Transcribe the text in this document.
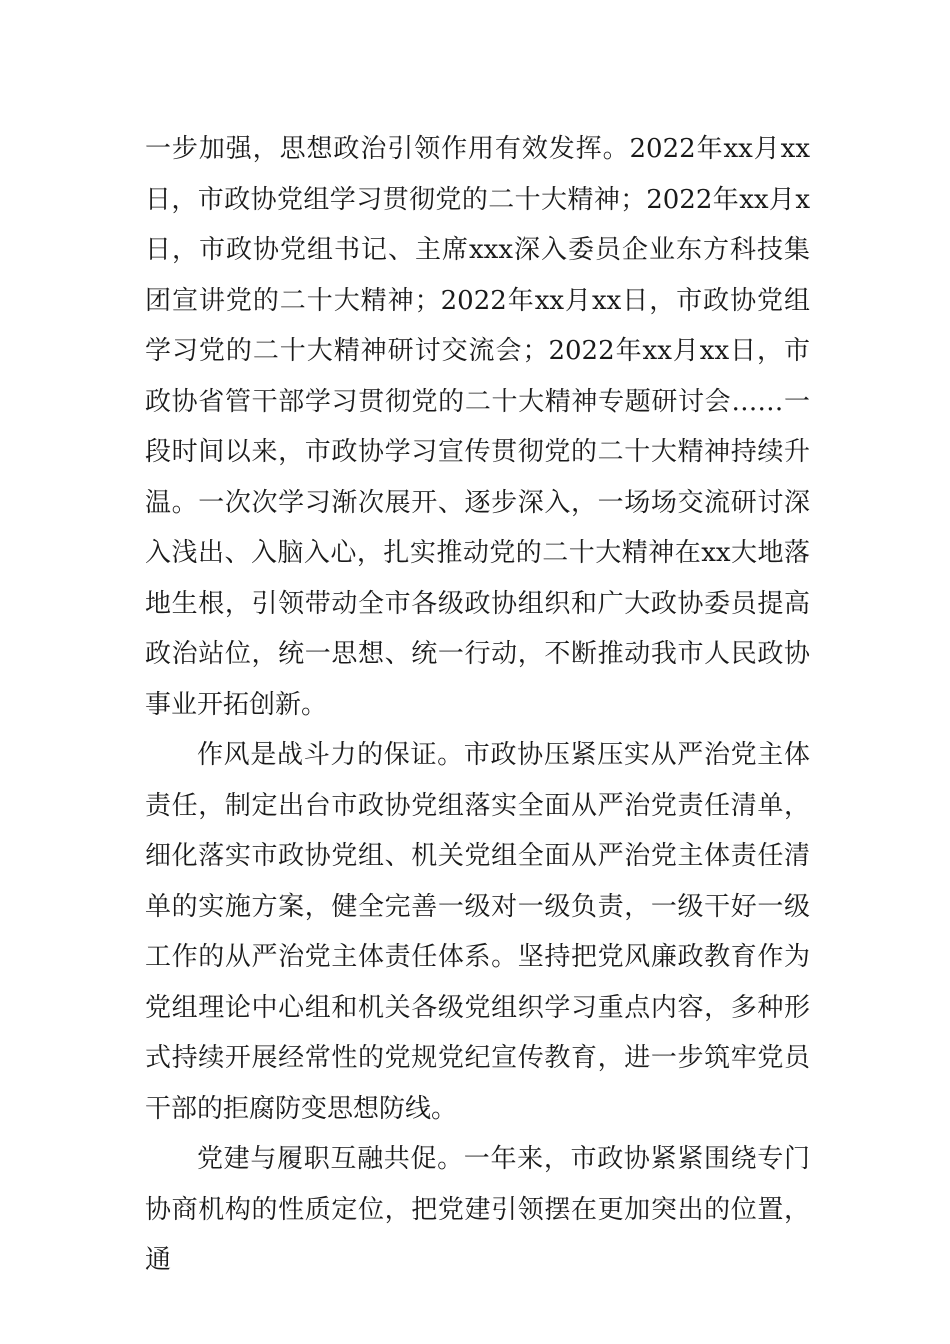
一步加强，思想政治引领作用有效发挥。2022年xx月xx日，市政协党组学习贯彻党的二十大精神；2022年xx月x日，市政协党组书记、主席xxx深入委员企业东方科技集团宣讲党的二十大精神；2022年xx月xx日，市政协党组学习党的二十大精神研讨交流会；2022年xx月xx日，市政协省管干部学习贯彻党的二十大精神专题研讨会……一段时间以来，市政协学习宣传贯彻党的二十大精神持续升温。一次次学习渐次展开、逐步深入，一场场交流研讨深入浅出、入脑入心，扎实推动党的二十大精神在xx大地落地生根，引领带动全市各级政协组织和广大政协委员提高政治站位，统一思想、统一行动，不断推动我市人民政协事业开拓创新。

作风是战斗力的保证。市政协压紧压实从严治党主体责任，制定出台市政协党组落实全面从严治党责任清单，细化落实市政协党组、机关党组全面从严治党主体责任清单的实施方案，健全完善一级对一级负责，一级干好一级工作的从严治党主体责任体系。坚持把党风廉政教育作为党组理论中心组和机关各级党组织学习重点内容，多种形式持续开展经常性的党规党纪宣传教育，进一步筑牢党员干部的拒腐防变思想防线。

党建与履职互融共促。一年来，市政协紧紧围绕专门协商机构的性质定位，把党建引领摆在更加突出的位置，通
